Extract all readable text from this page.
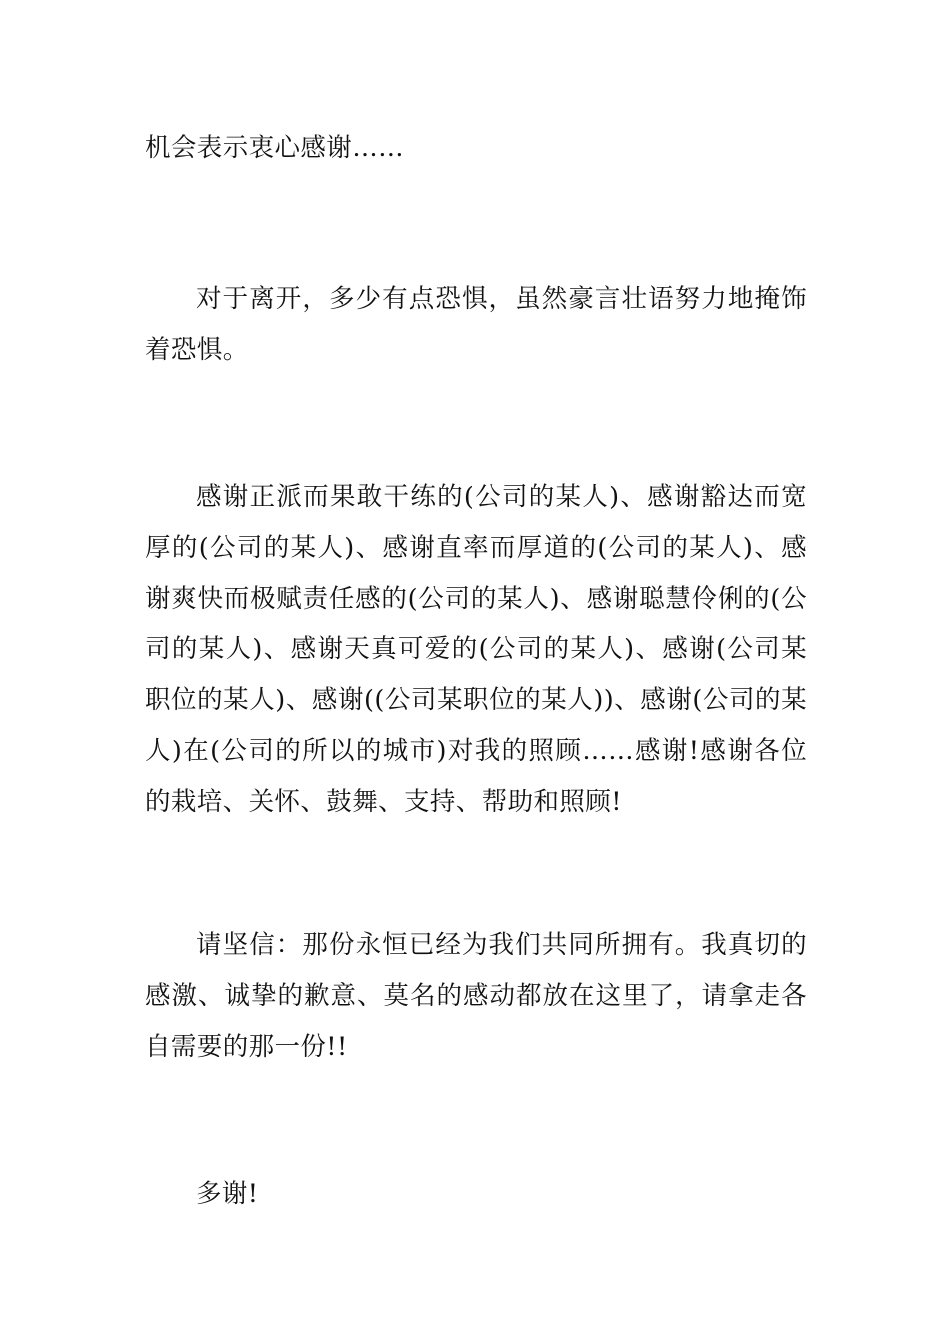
机会表示衷心感谢……

对于离开，多少有点恐惧，虽然豪言壮语努力地掩饰着恐惧。

感谢正派而果敢干练的(公司的某人)、感谢豁达而宽厚的(公司的某人)、感谢直率而厚道的(公司的某人)、感谢爽快而极赋责任感的(公司的某人)、感谢聪慧伶俐的(公司的某人)、感谢天真可爱的(公司的某人)、感谢(公司某职位的某人)、感谢((公司某职位的某人))、感谢(公司的某人)在(公司的所以的城市)对我的照顾……感谢!感谢各位的栽培、关怀、鼓舞、支持、帮助和照顾!

请坚信：那份永恒已经为我们共同所拥有。我真切的感激、诚挚的歉意、莫名的感动都放在这里了，请拿走各自需要的那一份!!

多谢!
